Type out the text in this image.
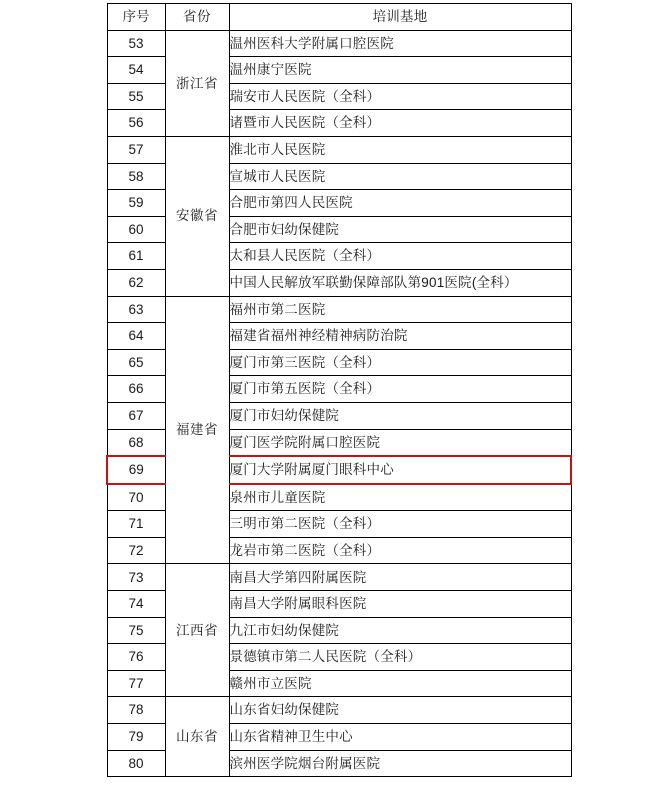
序号	省份	培训基地
53	浙江省	温州医科大学附属口腔医院
54		温州康宁医院
55		瑞安市人民医院（全科）
56		诸暨市人民医院（全科）
57	安徽省	淮北市人民医院
58		宣城市人民医院
59		合肥市第四人民医院
60		合肥市妇幼保健院
61		太和县人民医院（全科）
62		中国人民解放军联勤保障部队第901医院(全科）
63	福建省	福州市第二医院
64		福建省福州神经精神病防治院
65		厦门市第三医院（全科）
66		厦门市第五医院（全科）
67		厦门市妇幼保健院
68		厦门医学院附属口腔医院
69		厦门大学附属厦门眼科中心
70		泉州市儿童医院
71		三明市第二医院（全科）
72		龙岩市第二医院（全科）
73	江西省	南昌大学第四附属医院
74		南昌大学附属眼科医院
75		九江市妇幼保健院
76		景德镇市第二人民医院（全科）
77		赣州市立医院
78	山东省	山东省妇幼保健院
79		山东省精神卫生中心
80		滨州医学院烟台附属医院
